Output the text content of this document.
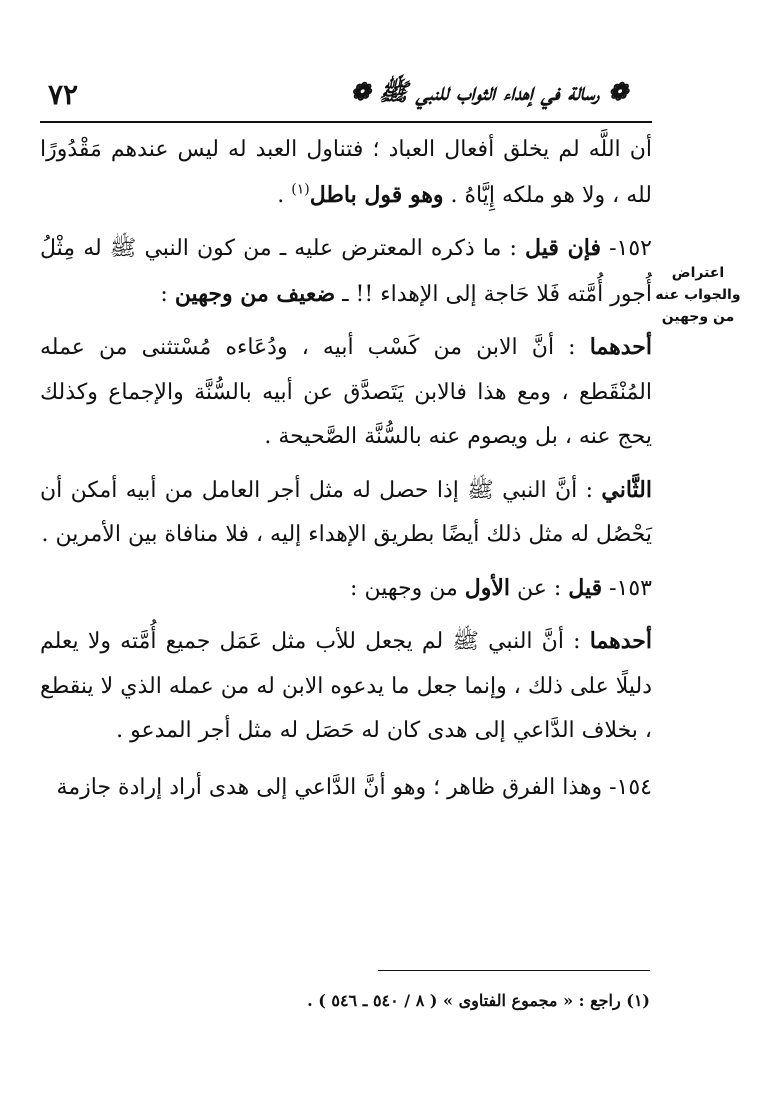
❁ رسالة في إهداء الثواب للنبي ﷺ ❁
٧٢
اعتراض والجواب عنه من وجهين

أن اللَّه لم يخلق أفعال العباد ؛ فتناول العبد له ليس عندهم مَقْدُورًا لله ، ولا هو ملكه إِيَّاهُ . وهو قول باطل$^{(١)}$ .

١٥٢- فإن قيل : ما ذكره المعترض عليه ـ من كون النبي ﷺ له مِثْلُ أُجور أُمَّته فَلا حَاجة إلى الإهداء !! ـ ضعيف من وجهين :

أحدهما : أنَّ الابن من كَسْب أبيه ، ودُعَاءه مُسْتثنى من عمله المُنْقَطع ، ومع هذا فالابن يَتَصدَّق عن أبيه بالسُّنَّة والإجماع وكذلك يحج عنه ، بل ويصوم عنه بالسُّنَّة الصَّحيحة .

الثَّاني : أنَّ النبي ﷺ إذا حصل له مثل أجر العامل من أبيه أمكن أن يَحْصُل له مثل ذلك أيضًا بطريق الإهداء إليه ، فلا منافاة بين الأمرين .

١٥٣- قيل : عن الأول من وجهين :

أحدهما : أنَّ النبي ﷺ لم يجعل للأب مثل عَمَل جميع أُمَّته ولا يعلم دليلًا على ذلك ، وإنما جعل ما يدعوه الابن له من عمله الذي لا ينقطع ، بخلاف الدَّاعي إلى هدى كان له حَصَل له مثل أجر المدعو .

١٥٤- وهذا الفرق ظاهر ؛ وهو أنَّ الدَّاعي إلى هدى أراد إرادة جازمة

(١) راجع : « مجموع الفتاوى » ( ٨ / ٥٤٠ ـ ٥٤٦ ) .
